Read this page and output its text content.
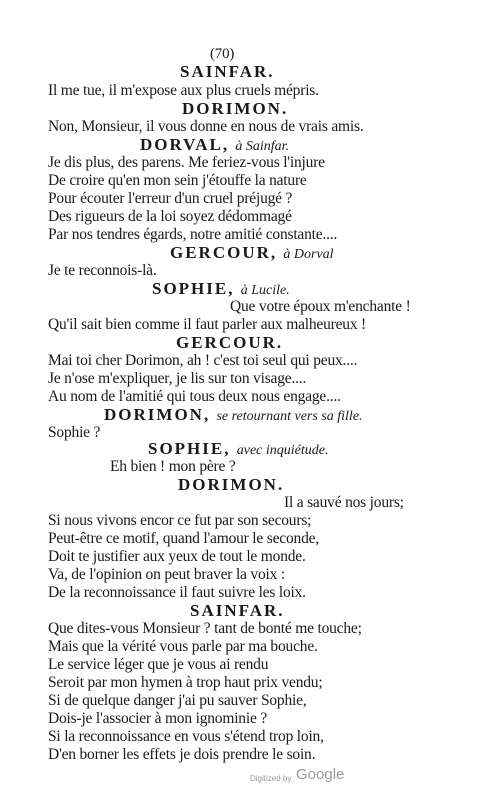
(70)
SAINFAR.
Il me tue, il m'expose aux plus cruels mépris.
DORIMON.
Non, Monsieur, il vous donne en nous de vrais amis.
DORVAL, à Sainfar.
Je dis plus, des parens. Me feriez-vous l'injure
De croire qu'en mon sein j'étouffe la nature
Pour écouter l'erreur d'un cruel préjugé ?
Des rigueurs de la loi soyez dédommagé
Par nos tendres égards, notre amitié constante....
GERCOUR, à Dorval
Je te reconnois-là.
SOPHIE, à Lucile.
Que votre époux m'enchante !
Qu'il sait bien comme il faut parler aux malheureux !
GERCOUR.
Mai toi cher Dorimon, ah ! c'est toi seul qui peux....
Je n'ose m'expliquer, je lis sur ton visage....
Au nom de l'amitié qui tous deux nous engage....
DORIMON, se retournant vers sa fille.
Sophie ?
SOPHIE, avec inquiétude.
Eh bien ! mon père ?
DORIMON.
Il a sauvé nos jours;
Si nous vivons encor ce fut par son secours;
Peut-être ce motif, quand l'amour le seconde,
Doit te justifier aux yeux de tout le monde.
Va, de l'opinion on peut braver la voix :
De la reconnoissance il faut suivre les loix.
SAINFAR.
Que dites-vous Monsieur ? tant de bonté me touche;
Mais que la vérité vous parle par ma bouche.
Le service léger que je vous ai rendu
Seroit par mon hymen à trop haut prix vendu;
Si de quelque danger j'ai pu sauver Sophie,
Dois-je l'associer à mon ignominie ?
Si la reconnoissance en vous s'étend trop loin,
D'en borner les effets je dois prendre le soin.
Digitized by Google
